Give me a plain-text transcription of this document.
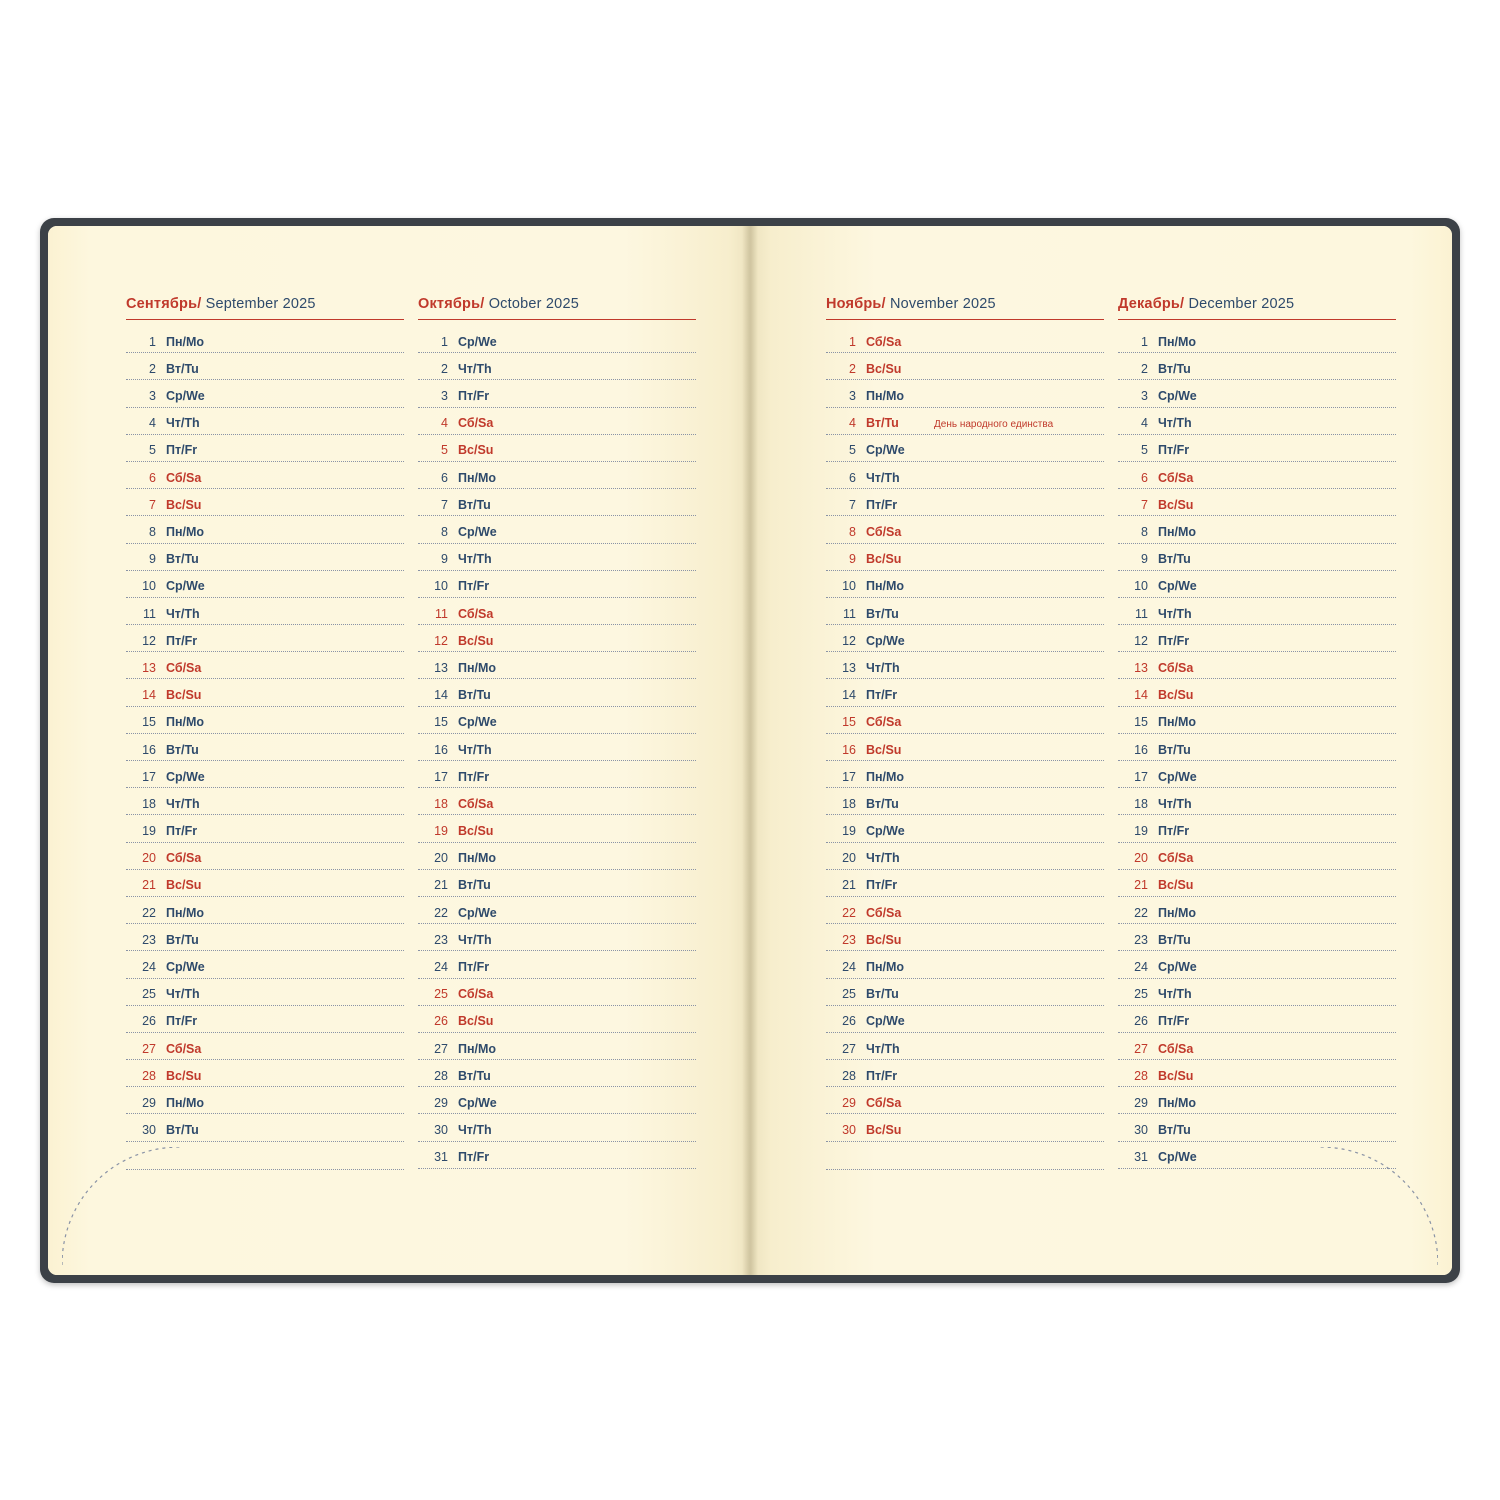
Сентябрь/ September 2025
1 Пн/Mo
2 Вт/Tu
3 Ср/We
4 Чт/Th
5 Пт/Fr
6 Сб/Sa
7 Вс/Su
8 Пн/Mo
9 Вт/Tu
10 Ср/We
11 Чт/Th
12 Пт/Fr
13 Сб/Sa
14 Вс/Su
15 Пн/Mo
16 Вт/Tu
17 Ср/We
18 Чт/Th
19 Пт/Fr
20 Сб/Sa
21 Вс/Su
22 Пн/Mo
23 Вт/Tu
24 Ср/We
25 Чт/Th
26 Пт/Fr
27 Сб/Sa
28 Вс/Su
29 Пн/Mo
30 Вт/Tu
Октябрь/ October 2025
1 Ср/We
2 Чт/Th
3 Пт/Fr
4 Сб/Sa
5 Вс/Su
6 Пн/Mo
7 Вт/Tu
8 Ср/We
9 Чт/Th
10 Пт/Fr
11 Сб/Sa
12 Вс/Su
13 Пн/Mo
14 Вт/Tu
15 Ср/We
16 Чт/Th
17 Пт/Fr
18 Сб/Sa
19 Вс/Su
20 Пн/Mo
21 Вт/Tu
22 Ср/We
23 Чт/Th
24 Пт/Fr
25 Сб/Sa
26 Вс/Su
27 Пн/Mo
28 Вт/Tu
29 Ср/We
30 Чт/Th
31 Пт/Fr
Ноябрь/ November 2025
1 Сб/Sa
2 Вс/Su
3 Пн/Mo
4 Вт/Tu	День народного единства
5 Ср/We
6 Чт/Th
7 Пт/Fr
8 Сб/Sa
9 Вс/Su
10 Пн/Mo
11 Вт/Tu
12 Ср/We
13 Чт/Th
14 Пт/Fr
15 Сб/Sa
16 Вс/Su
17 Пн/Mo
18 Вт/Tu
19 Ср/We
20 Чт/Th
21 Пт/Fr
22 Сб/Sa
23 Вс/Su
24 Пн/Mo
25 Вт/Tu
26 Ср/We
27 Чт/Th
28 Пт/Fr
29 Сб/Sa
30 Вс/Su
Декабрь/ December 2025
1 Пн/Mo
2 Вт/Tu
3 Ср/We
4 Чт/Th
5 Пт/Fr
6 Сб/Sa
7 Вс/Su
8 Пн/Mo
9 Вт/Tu
10 Ср/We
11 Чт/Th
12 Пт/Fr
13 Сб/Sa
14 Вс/Su
15 Пн/Mo
16 Вт/Tu
17 Ср/We
18 Чт/Th
19 Пт/Fr
20 Сб/Sa
21 Вс/Su
22 Пн/Mo
23 Вт/Tu
24 Ср/We
25 Чт/Th
26 Пт/Fr
27 Сб/Sa
28 Вс/Su
29 Пн/Mo
30 Вт/Tu
31 Ср/We
